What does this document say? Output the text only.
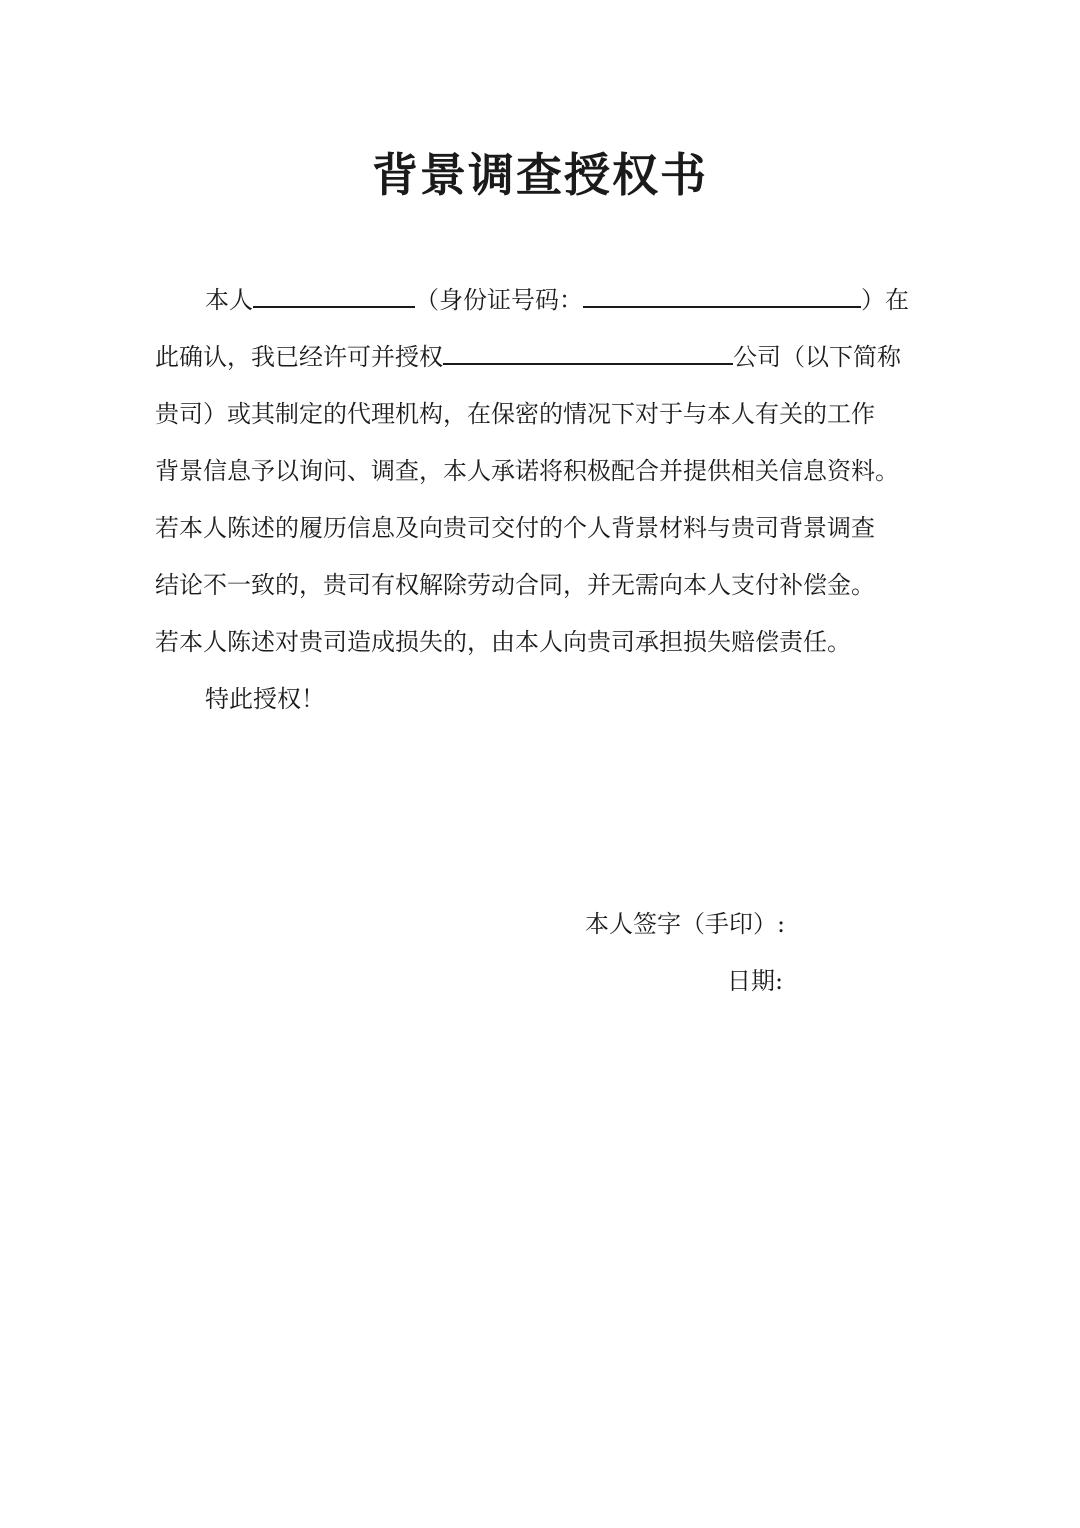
背景调查授权书
本人	（身份证号码：	）在
此确认，我已经许可并授权	公司（以下简称
贵司）或其制定的代理机构，在保密的情况下对于与本人有关的工作
背景信息予以询问、调查，本人承诺将积极配合并提供相关信息资料。
若本人陈述的履历信息及向贵司交付的个人背景材料与贵司背景调查
结论不一致的，贵司有权解除劳动合同，并无需向本人支付补偿金。
若本人陈述对贵司造成损失的，由本人向贵司承担损失赔偿责任。
特此授权！
本人签字（手印）:
日期:
